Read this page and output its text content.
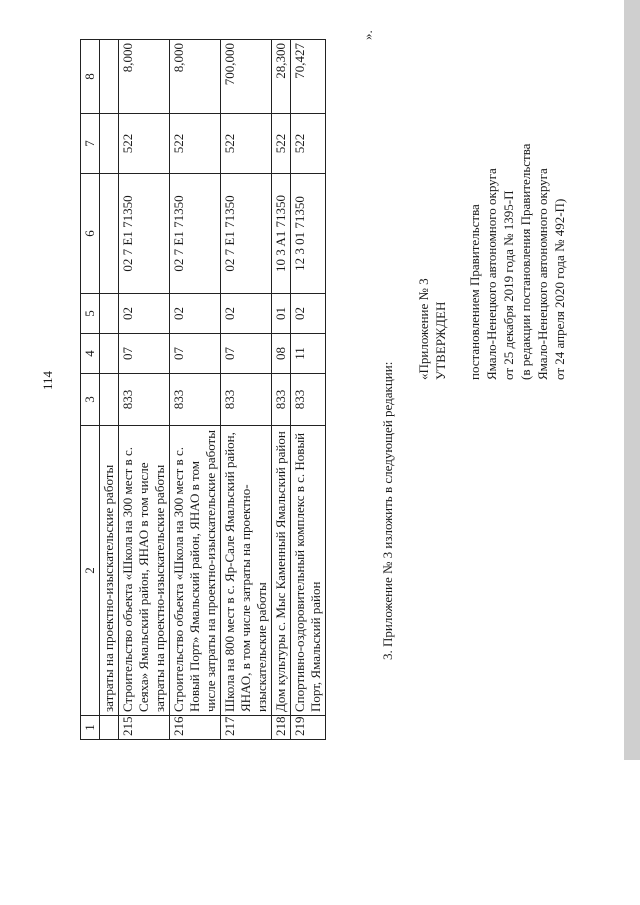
114
1	2	3	4	5	6	7	8
	затраты на проектно-изыскательские работы						
215	Строительство объекта «Школа на 300 мест в с. Сеяха» Ямальский район, ЯНАО в том числе затраты на проектно-изыскательские работы	833	07	02	02 7 E1 71350	522	8,000
216	Строительство объекта «Школа на 300 мест в с. Новый Порт» Ямальский район, ЯНАО в том числе затраты на проектно-изыскательские работы	833	07	02	02 7 E1 71350	522	8,000
217	Школа на 800 мест в с. Яр-Сале Ямальский район, ЯНАО, в том числе затраты на проектно-изыскательские работы	833	07	02	02 7 E1 71350	522	700,000
218	Дом культуры с. Мыс Каменный Ямальский район	833	08	01	10 3 A1 71350	522	28,300
219	Спортивно-оздоровительный комплекс в с. Новый Порт, Ямальский район	833	11	02	12 3 01 71350	522	70,427
».
3. Приложение № 3 изложить в следующей редакции:
«Приложение № 3 УТВЕРЖДЕН постановлением Правительства Ямало-Ненецкого автономного округа от 25 декабря 2019 года № 1395-П (в редакции постановления Правительства Ямало-Ненецкого автономного округа от 24 апреля 2020 года № 492-П)
